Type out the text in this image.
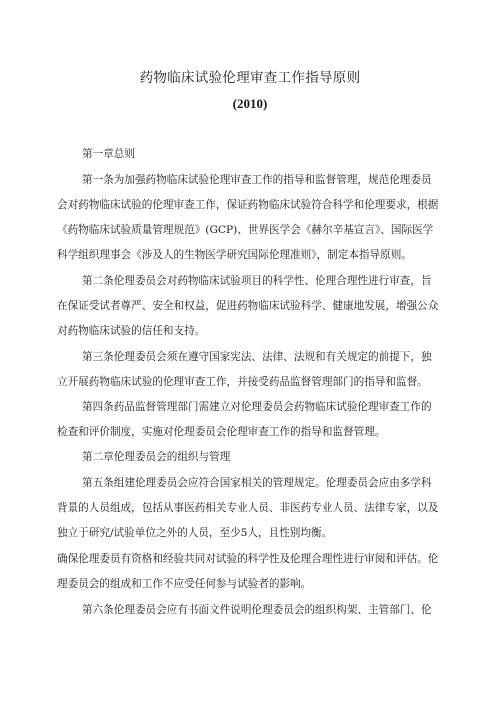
药物临床试验伦理审查工作指导原则
(2010)
第一章总则
第一条为加强药物临床试验伦理审查工作的指导和监督管理，规范伦理委员
会对药物临床试验的伦理审查工作，保证药物临床试验符合科学和伦理要求，根据
《药物临床试验质量管理规范》(GCP)、世界医学会《赫尔辛基宣言》、国际医学
科学组织理事会《涉及人的生物医学研究国际伦理准则》，制定本指导原则。
第二条伦理委员会对药物临床试验项目的科学性、伦理合理性进行审查，旨
在保证受试者尊严、安全和权益，促进药物临床试验科学、健康地发展，增强公众
对药物临床试验的信任和支持。
第三条伦理委员会须在遵守国家宪法、法律、法规和有关规定的前提下，独
立开展药物临床试验的伦理审查工作，并接受药品监督管理部门的指导和监督。
第四条药品监督管理部门需建立对伦理委员会药物临床试验伦理审查工作的
检查和评价制度，实施对伦理委员会伦理审查工作的指导和监督管理。
第二章伦理委员会的组织与管理
第五条组建伦理委员会应符合国家相关的管理规定。伦理委员会应由多学科
背景的人员组成，包括从事医药相关专业人员、非医药专业人员、法律专家，以及
独立于研究/试验单位之外的人员，至少5人，且性别均衡。
确保伦理委员有资格和经验共同对试验的科学性及伦理合理性进行审阅和评估。伦
理委员会的组成和工作不应受任何参与试验者的影响。
第六条伦理委员会应有书面文件说明伦理委员会的组织构架、主管部门、伦
